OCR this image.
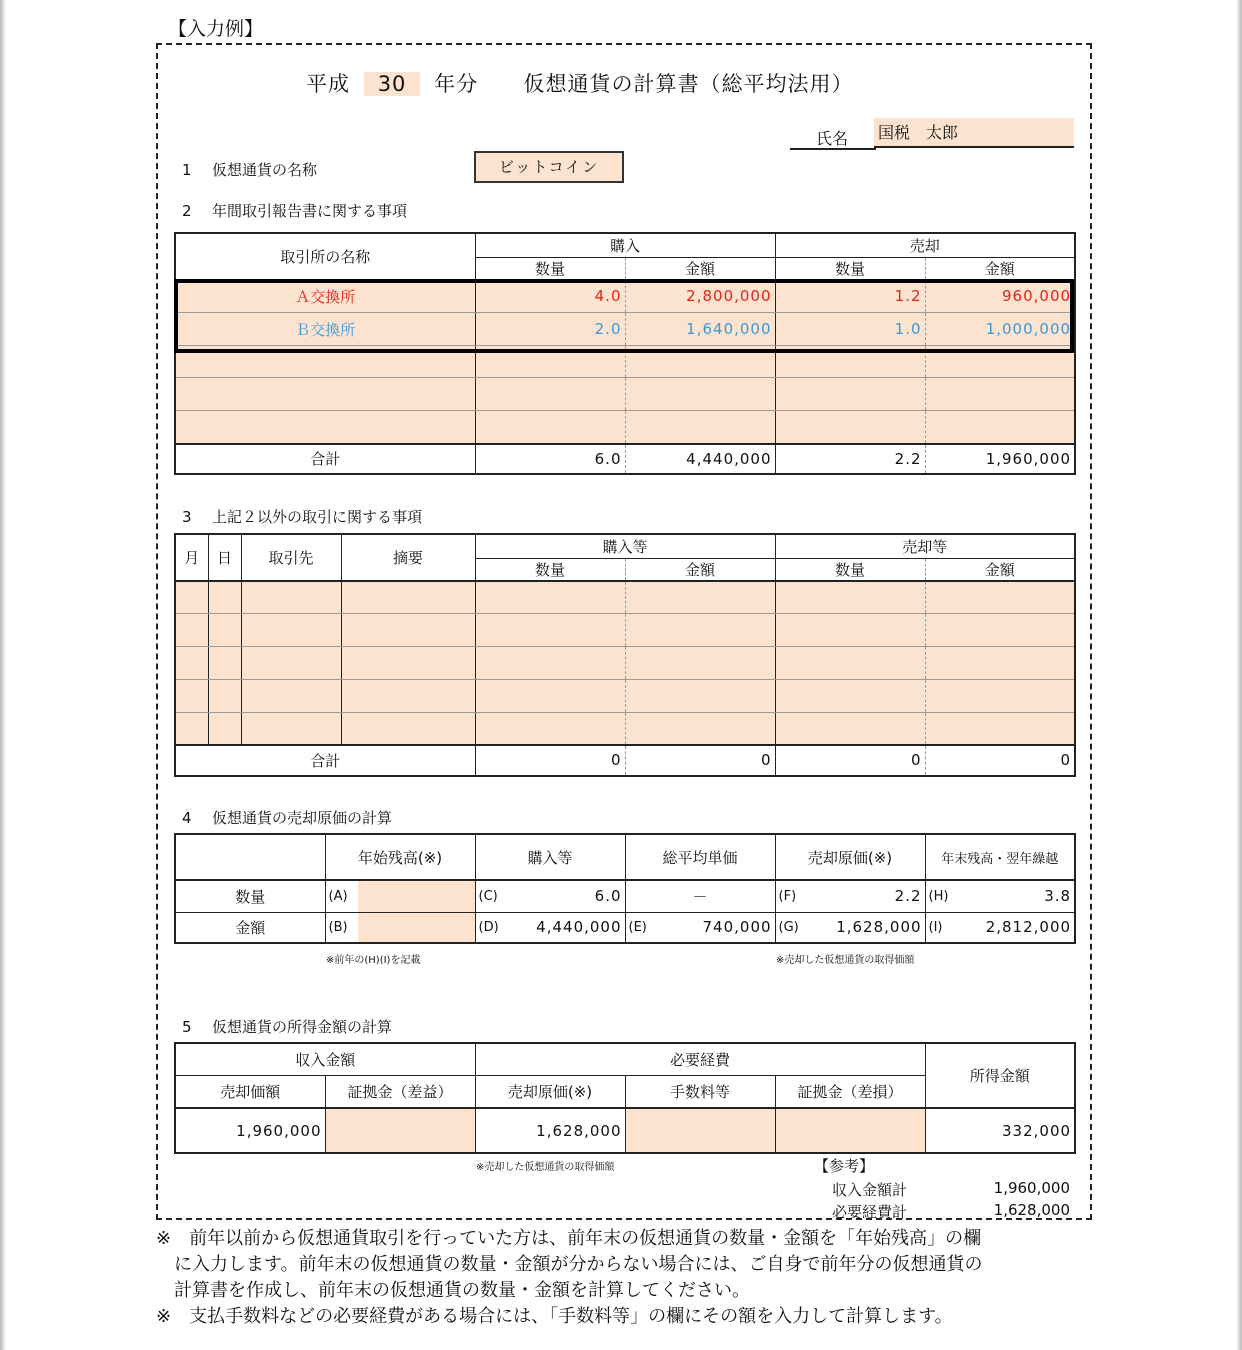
【入力例】
平成 30 年分 仮想通貨の計算書（総平均法用）
氏名 国税　太郎
1 仮想通貨の名称	ビットコイン
2 年間取引報告書に関する事項
取引所の名称	購入		売却	
	数量	金額	数量	金額
Ａ交換所	4.0	2,800,000	1.2	960,000
Ｂ交換所	2.0	1,640,000	1.0	1,000,000

合計	6.0	4,440,000	2.2	1,960,000
3 上記２以外の取引に関する事項
月	日	取引先	摘要	購入等		売却等	
				数量	金額	数量	金額

合計				0	0	0	0
4 仮想通貨の売却原価の計算
	年始残高(※)		購入等		総平均単価		売却原価(※)		年末残高・翌年繰越	
数量	(A)		(C)	6.0	－		(F)	2.2	(H)	3.8
金額	(B)		(D)	4,440,000	(E)	740,000	(G)	1,628,000	(I)	2,812,000
※前年の(H)(I)を記載	※売却した仮想通貨の取得価額
5 仮想通貨の所得金額の計算
収入金額		必要経費			所得金額
売却価額	証拠金（差益）	売却原価(※)	手数料等	証拠金（差損）	
1,960,000		1,628,000			332,000
※売却した仮想通貨の取得価額	【参考】
収入金額計	1,960,000
必要経費計	1,628,000
※　前年以前から仮想通貨取引を行っていた方は、前年末の仮想通貨の数量・金額を「年始残高」の欄
　に入力します。前年末の仮想通貨の数量・金額が分からない場合には、ご自身で前年分の仮想通貨の
　計算書を作成し、前年末の仮想通貨の数量・金額を計算してください。
※　支払手数料などの必要経費がある場合には、「手数料等」の欄にその額を入力して計算します。
